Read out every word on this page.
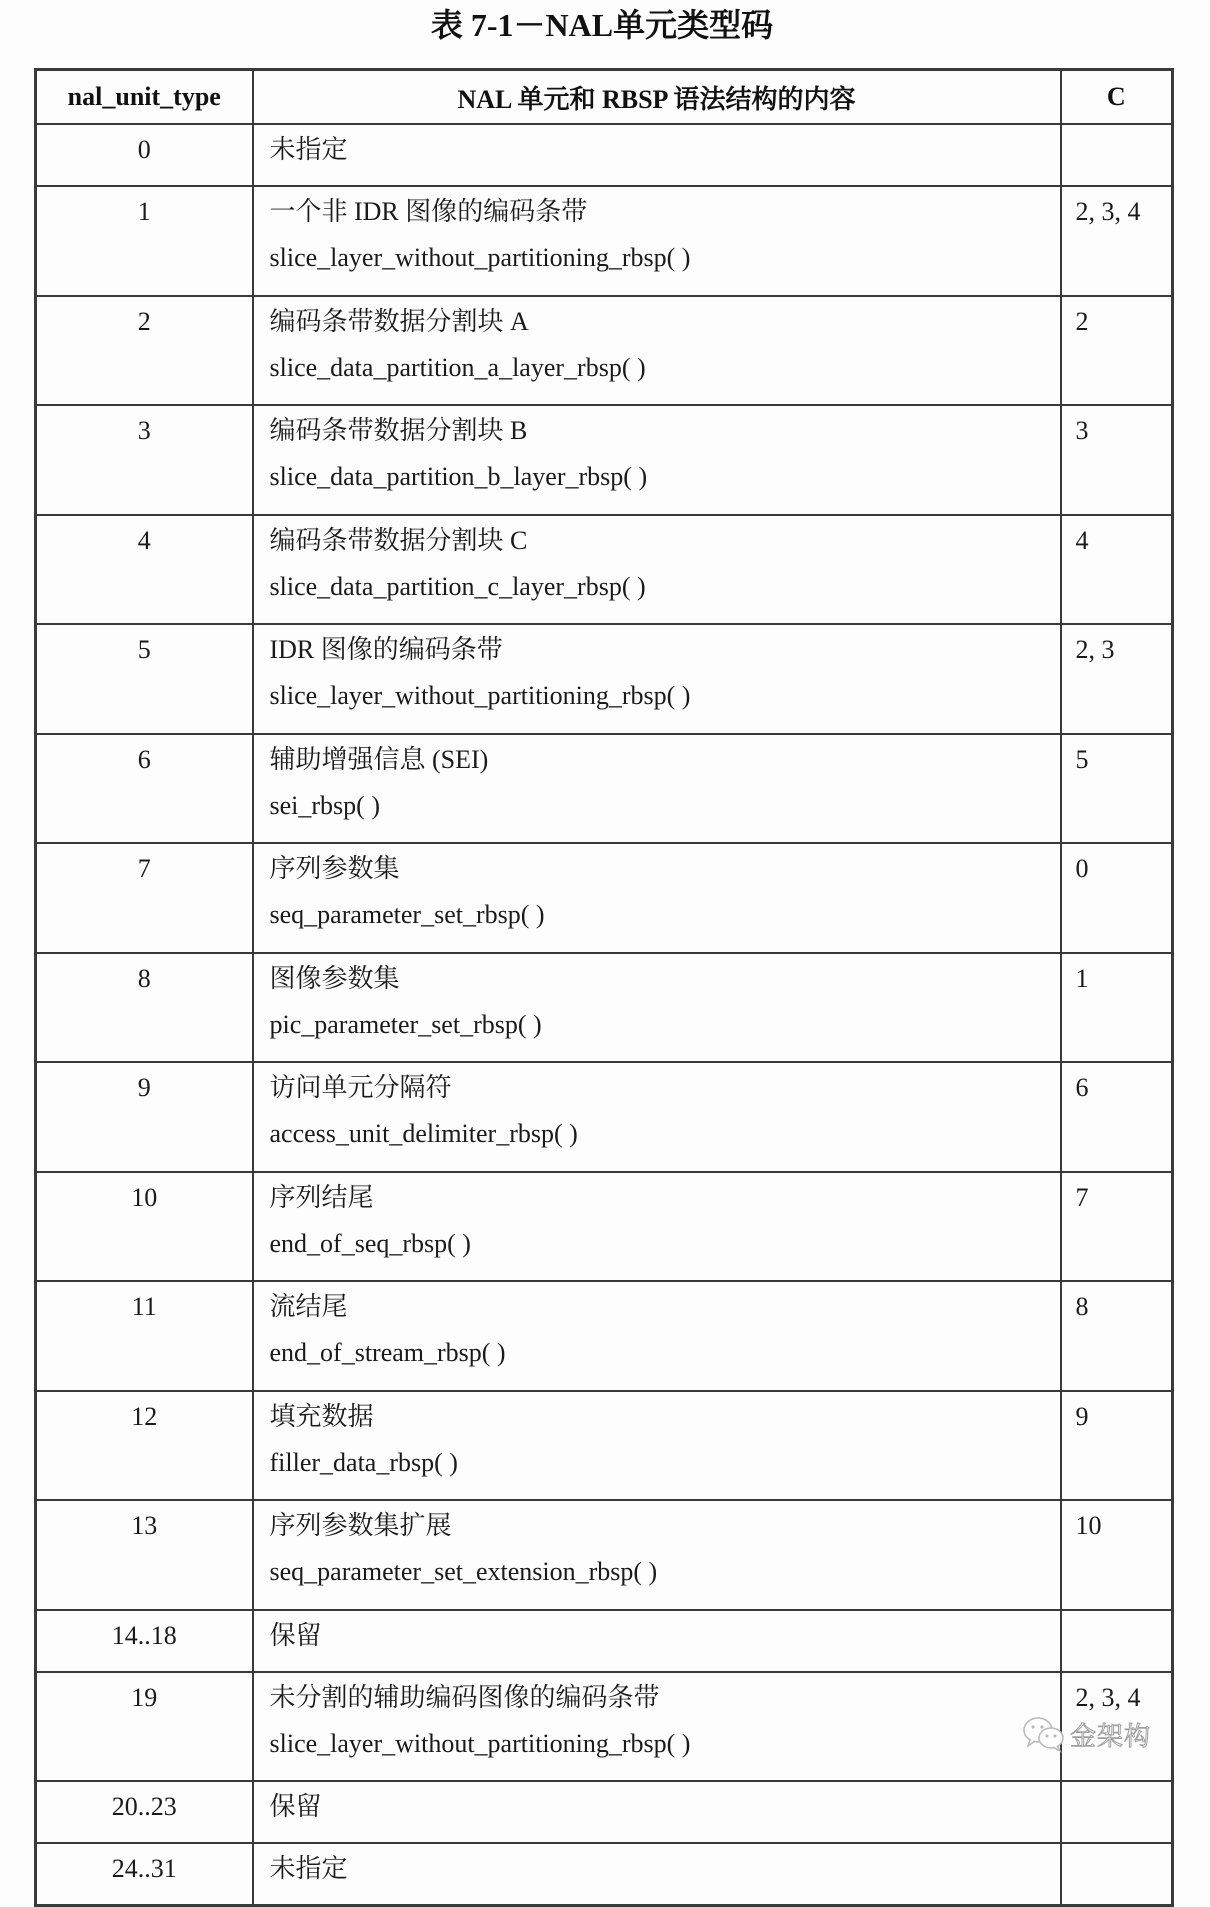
表 7-1－NAL单元类型码
nal_unit_type	NAL 单元和 RBSP 语法结构的内容	C
0	未指定	

1	一个非 IDR 图像的编码条带
slice_layer_without_partitioning_rbsp( )	2, 3, 4
2	编码条带数据分割块 A
slice_data_partition_a_layer_rbsp( )	2
3	编码条带数据分割块 B
slice_data_partition_b_layer_rbsp( )	3
4	编码条带数据分割块 C
slice_data_partition_c_layer_rbsp( )	4
5	IDR 图像的编码条带
slice_layer_without_partitioning_rbsp( )	2, 3
6	辅助增强信息 (SEI)
sei_rbsp( )	5
7	序列参数集
seq_parameter_set_rbsp( )	0
8	图像参数集
pic_parameter_set_rbsp( )	1
9	访问单元分隔符
access_unit_delimiter_rbsp( )	6
10	序列结尾
end_of_seq_rbsp( )	7
11	流结尾
end_of_stream_rbsp( )	8
12	填充数据
filler_data_rbsp( )	9
13	序列参数集扩展
seq_parameter_set_extension_rbsp( )	10
14..18	保留	

19	未分割的辅助编码图像的编码条带
slice_layer_without_partitioning_rbsp( )	2, 3, 4
20..23	保留	

24..31	未指定	

金架构
